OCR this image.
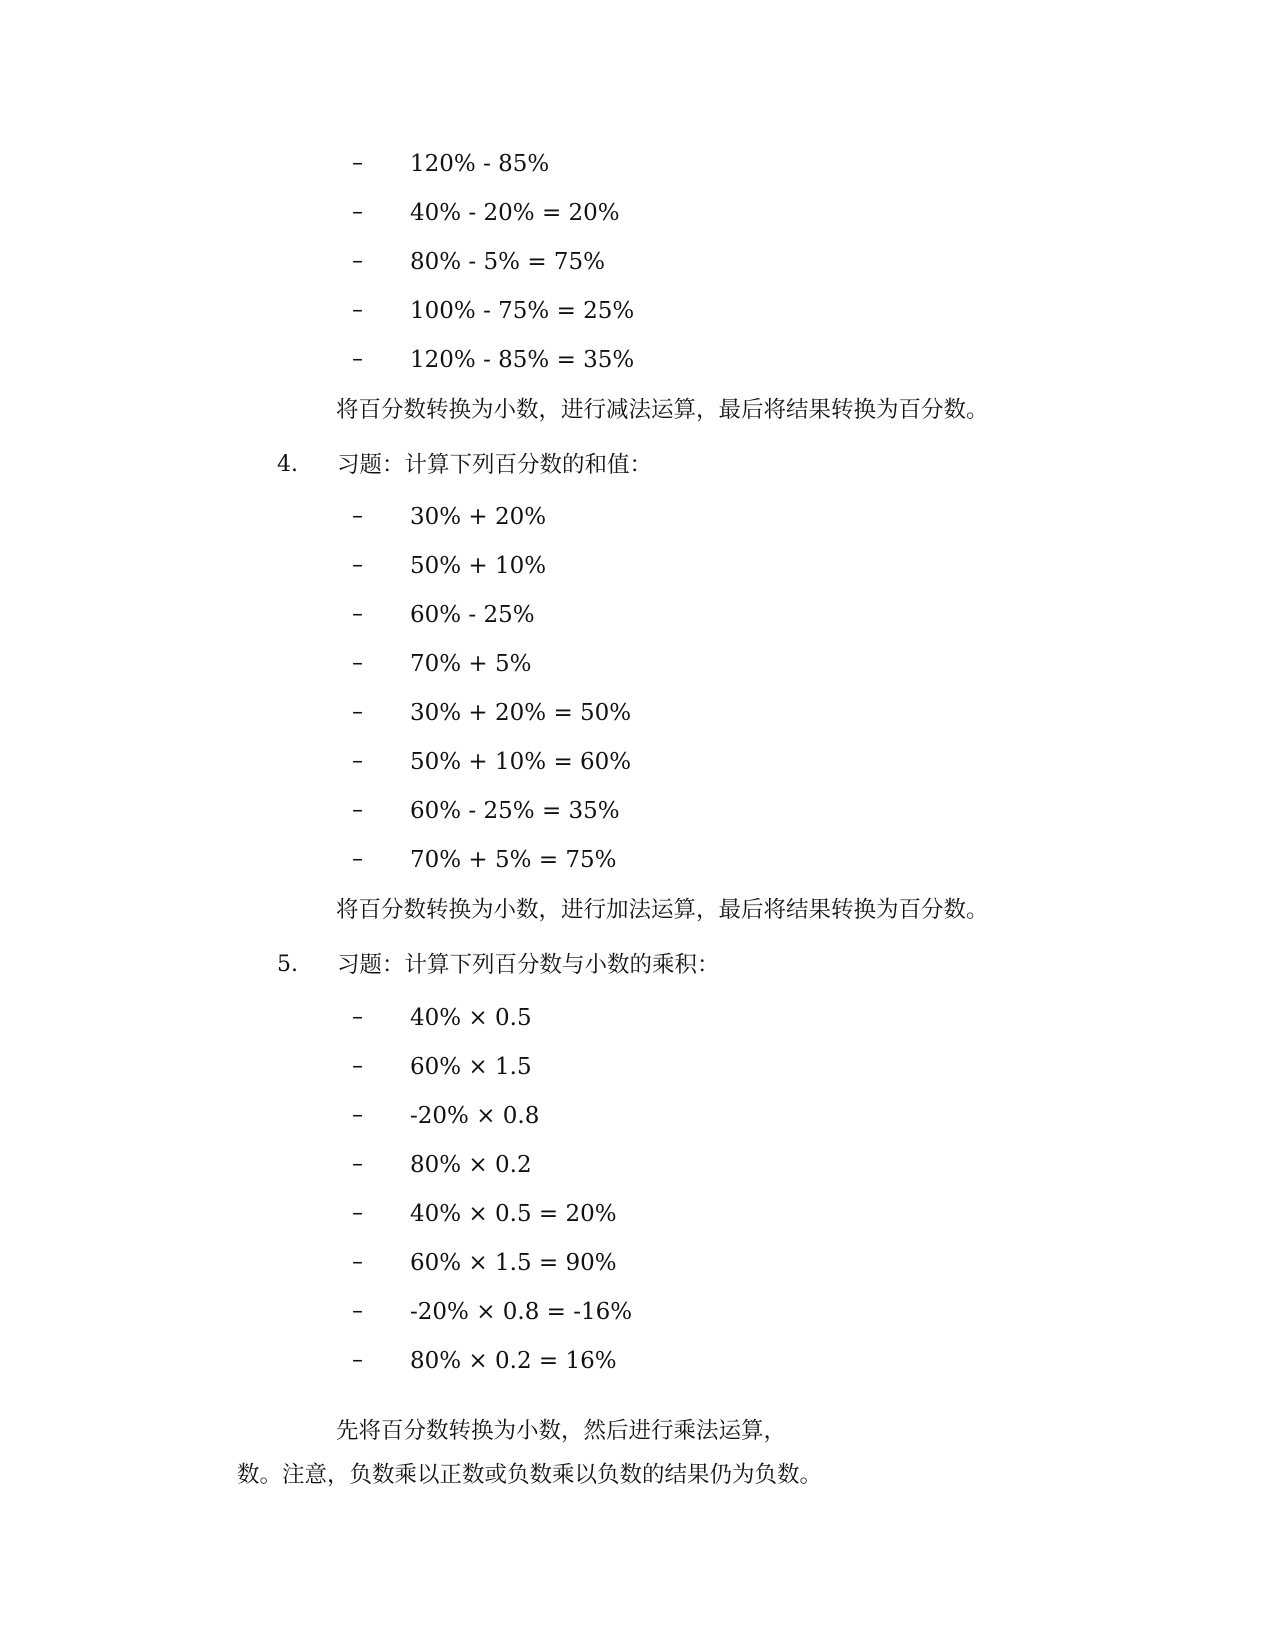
–	120% - 85%
–	40% - 20% = 20%
–	80% - 5% = 75%
–	100% - 75% = 25%
–	120% - 85% = 35%
将百分数转换为小数，进行减法运算，最后将结果转换为百分数。
4. 习题：计算下列百分数的和值：
–	30% + 20%
–	50% + 10%
–	60% - 25%
–	70% + 5%
–	30% + 20% = 50%
–	50% + 10% = 60%
–	60% - 25% = 35%
–	70% + 5% = 75%
将百分数转换为小数，进行加法运算，最后将结果转换为百分数。
5. 习题：计算下列百分数与小数的乘积：
–	40% × 0.5
–	60% × 1.5
–	-20% × 0.8
–	80% × 0.2
–	40% × 0.5 = 20%
–	60% × 1.5 = 90%
–	-20% × 0.8 = -16%
–	80% × 0.2 = 16%
先将百分数转换为小数，然后进行乘法运算，
数。注意，负数乘以正数或负数乘以负数的结果仍为负数。
